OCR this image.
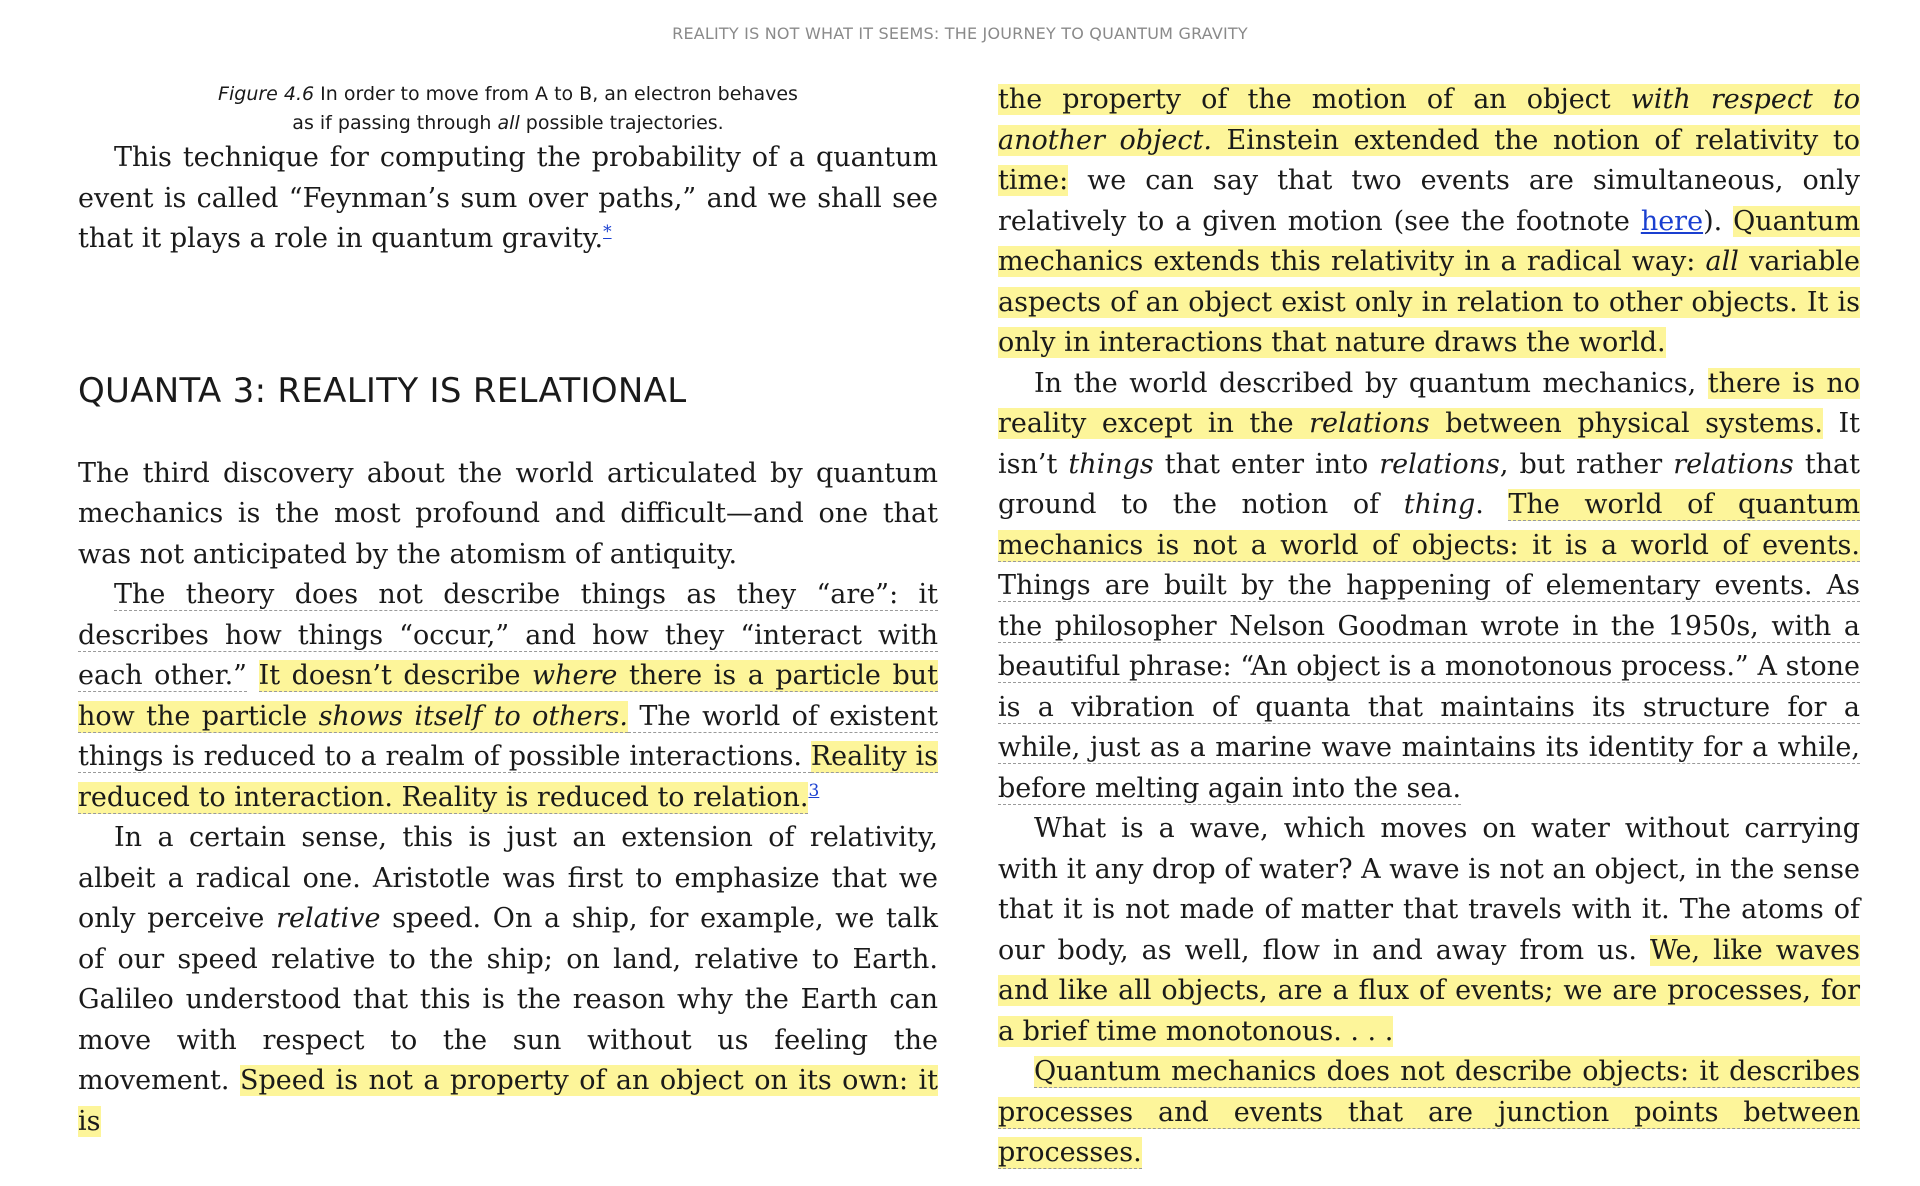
REALITY IS NOT WHAT IT SEEMS: THE JOURNEY TO QUANTUM GRAVITY

Figure 4.6 In order to move from A to B, an electron behaves
as if passing through all possible trajectories.

This technique for computing the probability of a quantum event is called “Feynman’s sum over paths,” and we shall see that it plays a role in quantum gravity.*

QUANTA 3: REALITY IS RELATIONAL

The third discovery about the world articulated by quantum mechanics is the most profound and difficult—and one that was not anticipated by the atomism of antiquity.

The theory does not describe things as they “are”: it describes how things “occur,” and how they “interact with each other.” It doesn’t describe where there is a particle but how the particle shows itself to others. The world of existent things is reduced to a realm of possible interactions. Reality is reduced to interaction. Reality is reduced to relation.$^3$

In a certain sense, this is just an extension of relativity, albeit a radical one. Aristotle was first to emphasize that we only perceive relative speed. On a ship, for example, we talk of our speed relative to the ship; on land, relative to Earth. Galileo understood that this is the reason why the Earth can move with respect to the sun without us feeling the movement. Speed is not a property of an object on its own: it is

the property of the motion of an object with respect to another object. Einstein extended the notion of relativity to time: we can say that two events are simultaneous, only relatively to a given motion (see the footnote here). Quantum mechanics extends this relativity in a radical way: all variable aspects of an object exist only in relation to other objects. It is only in interactions that nature draws the world.

In the world described by quantum mechanics, there is no reality except in the relations between physical systems. It isn’t things that enter into relations, but rather relations that ground to the notion of thing. The world of quantum mechanics is not a world of objects: it is a world of events. Things are built by the happening of elementary events. As the philosopher Nelson Goodman wrote in the 1950s, with a beautiful phrase: “An object is a monotonous process.” A stone is a vibration of quanta that maintains its structure for a while, just as a marine wave maintains its identity for a while, before melting again into the sea.

What is a wave, which moves on water without carrying with it any drop of water? A wave is not an object, in the sense that it is not made of matter that travels with it. The atoms of our body, as well, flow in and away from us. We, like waves and like all objects, are a flux of events; we are processes, for a brief time monotonous. . . .

Quantum mechanics does not describe objects: it describes processes and events that are junction points between processes.
